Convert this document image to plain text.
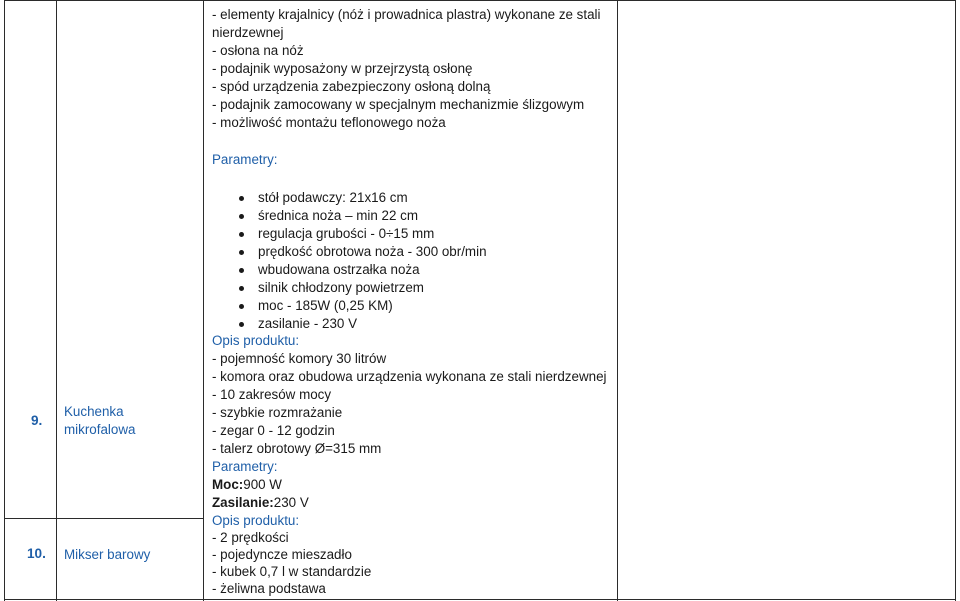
- elementy krajalnicy (nóż i prowadnica plastra) wykonane ze stali
nierdzewnej
- osłona na nóż
- podajnik wyposażony w przejrzystą osłonę
- spód urządzenia zabezpieczony osłoną dolną
- podajnik zamocowany w specjalnym mechanizmie ślizgowym
- możliwość montażu teflonowego noża
Parametry:
stół podawczy: 21x16 cm
średnica noża – min 22 cm
regulacja grubości - 0÷15 mm
prędkość obrotowa noża - 300 obr/min
wbudowana ostrzałka noża
silnik chłodzony powietrzem
moc - 185W (0,25 KM)
zasilanie - 230 V
9.
Kuchenka
mikrofalowa
Opis produktu:
- pojemność komory 30 litrów
- komora oraz obudowa urządzenia wykonana ze stali nierdzewnej
- 10 zakresów mocy
- szybkie rozmrażanie
- zegar 0 - 12 godzin
- talerz obrotowy Ø=315 mm
Parametry:
Moc:900 W
Zasilanie:230 V
10. Mikser barowy
Opis produktu:
- 2 prędkości
- pojedyncze mieszadło
- kubek 0,7 l w standardzie
- żeliwna podstawa
